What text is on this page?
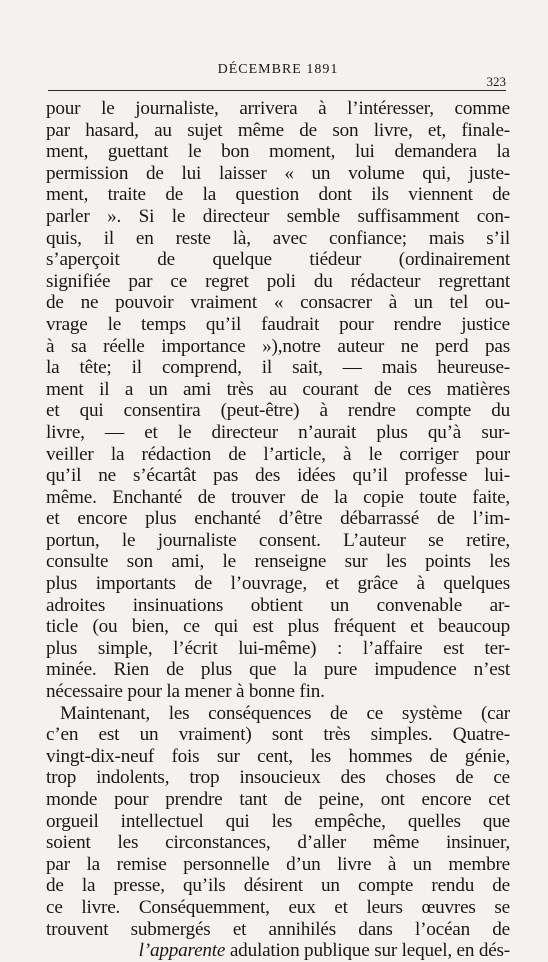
DÉCEMBRE 1891
323
pour le journaliste, arrivera à l’intéresser, comme
par hasard, au sujet même de son livre, et, finale-
ment, guettant le bon moment, lui demandera la
permission de lui laisser « un volume qui, juste-
ment, traite de la question dont ils viennent de
parler ». Si le directeur semble suffisamment con-
quis, il en reste là, avec confiance; mais s’il
s’aperçoit de quelque tiédeur (ordinairement
signifiée par ce regret poli du rédacteur regrettant
de ne pouvoir vraiment « consacrer à un tel ou-
vrage le temps qu’il faudrait pour rendre justice
à sa réelle importance »),notre auteur ne perd pas
la tête; il comprend, il sait, — mais heureuse-
ment il a un ami très au courant de ces matières
et qui consentira (peut-être) à rendre compte du
livre, — et le directeur n’aurait plus qu’à sur-
veiller la rédaction de l’article, à le corriger pour
qu’il ne s’écartât pas des idées qu’il professe lui-
même. Enchanté de trouver de la copie toute faite,
et encore plus enchanté d’être débarrassé de l’im-
portun, le journaliste consent. L’auteur se retire,
consulte son ami, le renseigne sur les points les
plus importants de l’ouvrage, et grâce à quelques
adroites insinuations obtient un convenable ar-
ticle (ou bien, ce qui est plus fréquent et beaucoup
plus simple, l’écrit lui-même) : l’affaire est ter-
minée. Rien de plus que la pure impudence n’est
nécessaire pour la mener à bonne fin.
Maintenant, les conséquences de ce système (car
c’en est un vraiment) sont très simples. Quatre-
vingt-dix-neuf fois sur cent, les hommes de génie,
trop indolents, trop insoucieux des choses de ce
monde pour prendre tant de peine, ont encore cet
orgueil intellectuel qui les empêche, quelles que
soient les circonstances, d’aller même insinuer,
par la remise personnelle d’un livre à un membre
de la presse, qu’ils désirent un compte rendu de
ce livre. Conséquemment, eux et leurs œuvres se
trouvent submergés et annihilés dans l’océan de
l’apparente adulation publique sur lequel, en dés-
